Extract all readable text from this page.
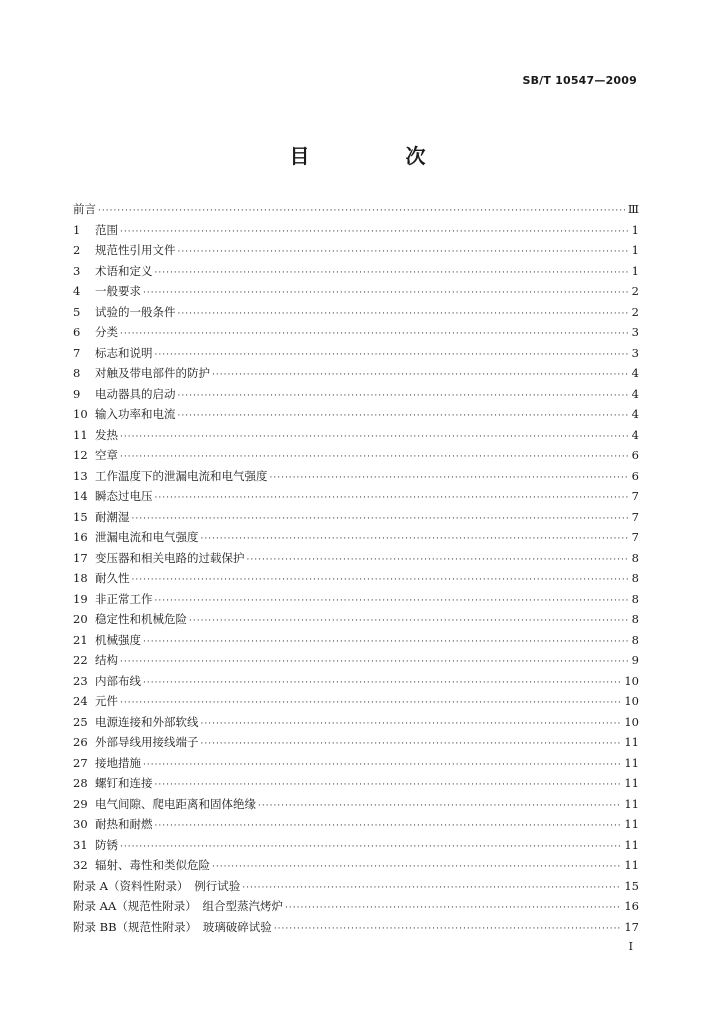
SB/T 10547—2009
目　次
前言 ·····	Ⅲ
1	范围 ·····	1
2	规范性引用文件 ·····	1
3	术语和定义 ·····	1
4	一般要求 ·····	2
5	试验的一般条件 ·····	2
6	分类 ·····	3
7	标志和说明 ·····	3
8	对触及带电部件的防护 ·····	4
9	电动器具的启动 ·····	4
10 输入功率和电流 ·····	4
11 发热 ·····	4
12 空章 ·····	6
13 工作温度下的泄漏电流和电气强度 ·····	6
14 瞬态过电压 ·····	7
15 耐潮湿 ·····	7
16 泄漏电流和电气强度 ·····	7
17 变压器和相关电路的过载保护 ·····	8
18 耐久性 ·····	8
19 非正常工作 ·····	8
20 稳定性和机械危险 ·····	8
21 机械强度 ·····	8
22 结构 ·····	9
23 内部布线 ·····	10
24 元件 ·····	10
25 电源连接和外部软线 ·····	10
26 外部导线用接线端子 ·····	11
27 接地措施 ·····	11
28 螺钉和连接 ·····	11
29 电气间隙、爬电距离和固体绝缘 ·····	11
30 耐热和耐燃 ·····	11
31 防锈 ·····	11
32 辐射、毒性和类似危险 ·····	11
附录 A（资料性附录）　例行试验 ·····	15
附录 AA（规范性附录）　组合型蒸汽烤炉 ·····	16
附录 BB（规范性附录）　玻璃破碎试验 ·····	17
I
